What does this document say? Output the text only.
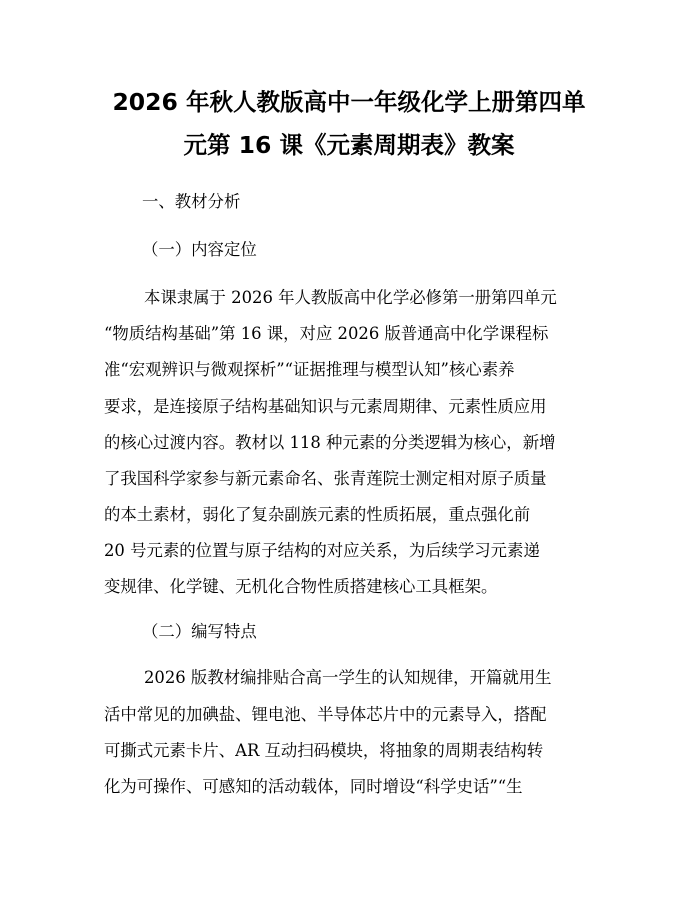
2026 年秋人教版高中一年级化学上册第四单
元第 16 课《元素周期表》教案

一、教材分析

（一）内容定位

本课隶属于 2026 年人教版高中化学必修第一册第四单元

“物质结构基础”第 16 课，对应 2026 版普通高中化学课程标

准“宏观辨识与微观探析”“证据推理与模型认知”核心素养

要求，是连接原子结构基础知识与元素周期律、元素性质应用

的核心过渡内容。教材以 118 种元素的分类逻辑为核心，新增

了我国科学家参与新元素命名、张青莲院士测定相对原子质量

的本土素材，弱化了复杂副族元素的性质拓展，重点强化前

20 号元素的位置与原子结构的对应关系，为后续学习元素递

变规律、化学键、无机化合物性质搭建核心工具框架。

（二）编写特点

2026 版教材编排贴合高一学生的认知规律，开篇就用生

活中常见的加碘盐、锂电池、半导体芯片中的元素导入，搭配

可撕式元素卡片、AR 互动扫码模块，将抽象的周期表结构转

化为可操作、可感知的活动载体，同时增设“科学史话”“生
